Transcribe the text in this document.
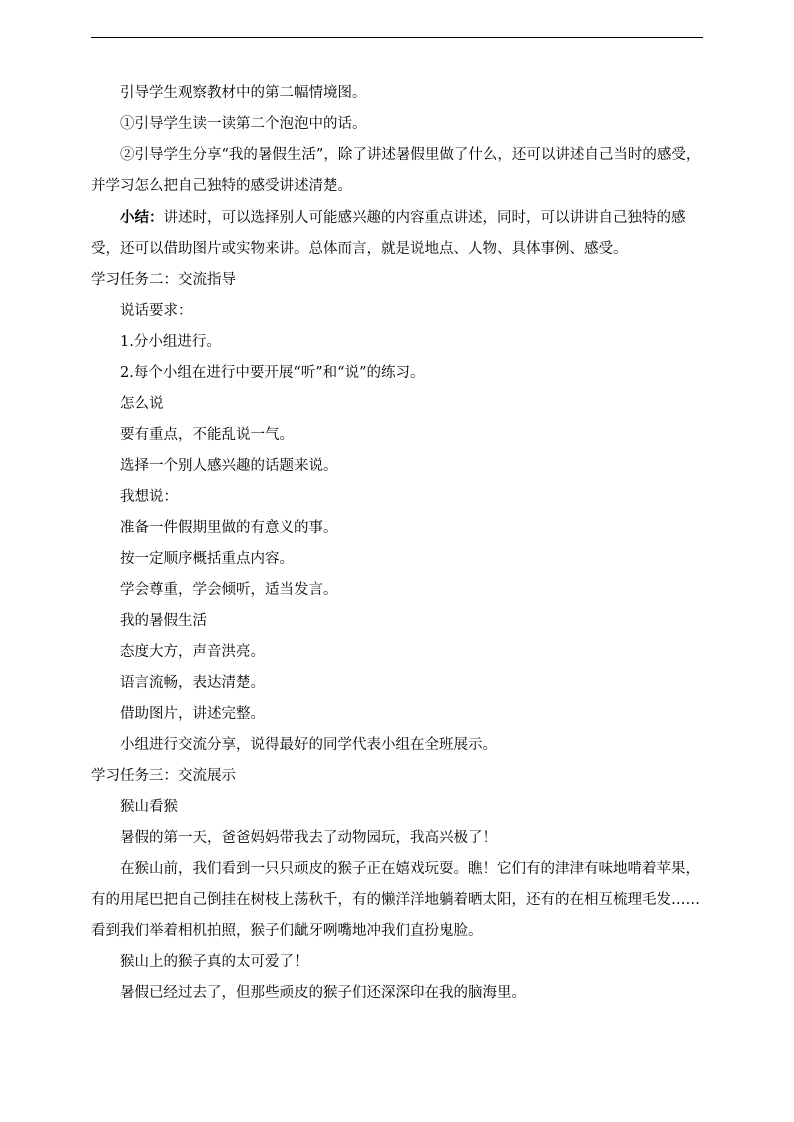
引导学生观察教材中的第二幅情境图。

①引导学生读一读第二个泡泡中的话。

②引导学生分享“我的暑假生活”，除了讲述暑假里做了什么，还可以讲述自己当时的感受，并学习怎么把自己独特的感受讲述清楚。

小结：讲述时，可以选择别人可能感兴趣的内容重点讲述，同时，可以讲讲自己独特的感受，还可以借助图片或实物来讲。总体而言，就是说地点、人物、具体事例、感受。

学习任务二：交流指导

说话要求：

1.分小组进行。

2.每个小组在进行中要开展“听”和“说”的练习。

怎么说

要有重点，不能乱说一气。

选择一个别人感兴趣的话题来说。

我想说：

准备一件假期里做的有意义的事。

按一定顺序概括重点内容。

学会尊重，学会倾听，适当发言。

我的暑假生活

态度大方，声音洪亮。

语言流畅，表达清楚。

借助图片，讲述完整。

小组进行交流分享，说得最好的同学代表小组在全班展示。

学习任务三：交流展示

猴山看猴

暑假的第一天，爸爸妈妈带我去了动物园玩，我高兴极了！

在猴山前，我们看到一只只顽皮的猴子正在嬉戏玩耍。瞧！它们有的津津有味地啃着苹果，有的用尾巴把自己倒挂在树枝上荡秋千，有的懒洋洋地躺着晒太阳，还有的在相互梳理毛发……看到我们举着相机拍照，猴子们龇牙咧嘴地冲我们直扮鬼脸。

猴山上的猴子真的太可爱了！

暑假已经过去了，但那些顽皮的猴子们还深深印在我的脑海里。
